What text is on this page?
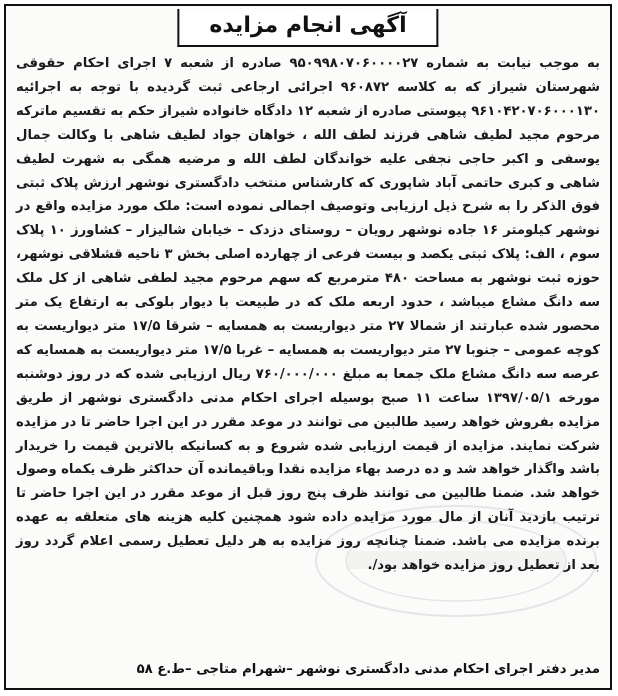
آگهی انجام مزایده
به موجب نیابت به شماره ۹۵۰۹۹۸۰۷۰۶۰۰۰۰۲۷ صادره از شعبه ۷ اجرای احکام حقوقی شهرستان شیراز که به کلاسه ۹۶۰۸۷۲ اجرائی ارجاعی ثبت گردیده با توجه به اجرائیه ۹۶۱۰۴۲۰۷۰۶۰۰۰۱۳۰ پیوستی صادره از شعبه ۱۲ دادگاه خانواده شیراز حکم به تقسیم ماترکه مرحوم مجید لطیف شاهی فرزند لطف الله ، خواهان جواد لطیف شاهی با وکالت جمال یوسفی و اکبر حاجی نجفی علیه خواندگان لطف الله و مرضیه همگی به شهرت لطیف شاهی و کبری حاتمی آباد شاپوری که کارشناس منتخب دادگستری نوشهر ارزش پلاک ثبتی فوق الذکر را به شرح ذیل ارزیابی وتوصیف اجمالی نموده است: ملک مورد مزایده واقع در نوشهر کیلومتر ۱۶ جاده نوشهر رویان – روستای دزدک – خیابان شالیزار – کشاورز ۱۰ پلاک سوم ، الف: پلاک ثبتی یکصد و بیست فرعی از چهارده اصلی بخش ۳ ناحیه قشلاقی نوشهر، حوزه ثبت نوشهر به مساحت ۴۸۰ مترمربع که سهم مرحوم مجید لطفی شاهی از کل ملک سه دانگ مشاع میباشد ، حدود اربعه ملک که در طبیعت با دیوار بلوکی به ارتفاع یک متر محصور شده عبارتند از شمالا ۲۷ متر دیواریست به همسایه – شرقا ۱۷/۵ متر دیواریست به کوچه عمومی – جنوبا ۲۷ متر دیواریست به همسایه – غربا ۱۷/۵ متر دیواریست به همسایه که عرصه سه دانگ مشاع ملک جمعا به مبلغ ۷۶۰/۰۰۰/۰۰۰ ریال ارزیابی شده که در روز دوشنبه مورخه ۱۳۹۷/۰۵/۱ ساعت ۱۱ صبح بوسیله اجرای احکام مدنی دادگستری نوشهر از طریق مزایده بفروش خواهد رسید طالبین می توانند در موعد مقرر در این اجرا حاضر تا در مزایده شرکت نمایند. مزایده از قیمت ارزیابی شده شروع و به کسانیکه بالاترین قیمت را خریدار باشد واگذار خواهد شد و ده درصد بهاء مزایده نقدا وباقیمانده آن حداکثر ظرف یکماه وصول خواهد شد. ضمنا طالبین می توانند ظرف پنج روز قبل از موعد مقرر در این اجرا حاضر تا ترتیب بازدید آنان از مال مورد مزایده داده شود همچنین کلیه هزینه های متعلقه به عهده برنده مزایده می باشد. ضمنا چنانچه روز مزایده به هر دلیل تعطیل رسمی اعلام گردد روز بعد از تعطیل روز مزایده خواهد بود/.
مدیر دفتر اجرای احکام مدنی دادگستری نوشهر –شهرام متاجی –ط.ع ۵۸
